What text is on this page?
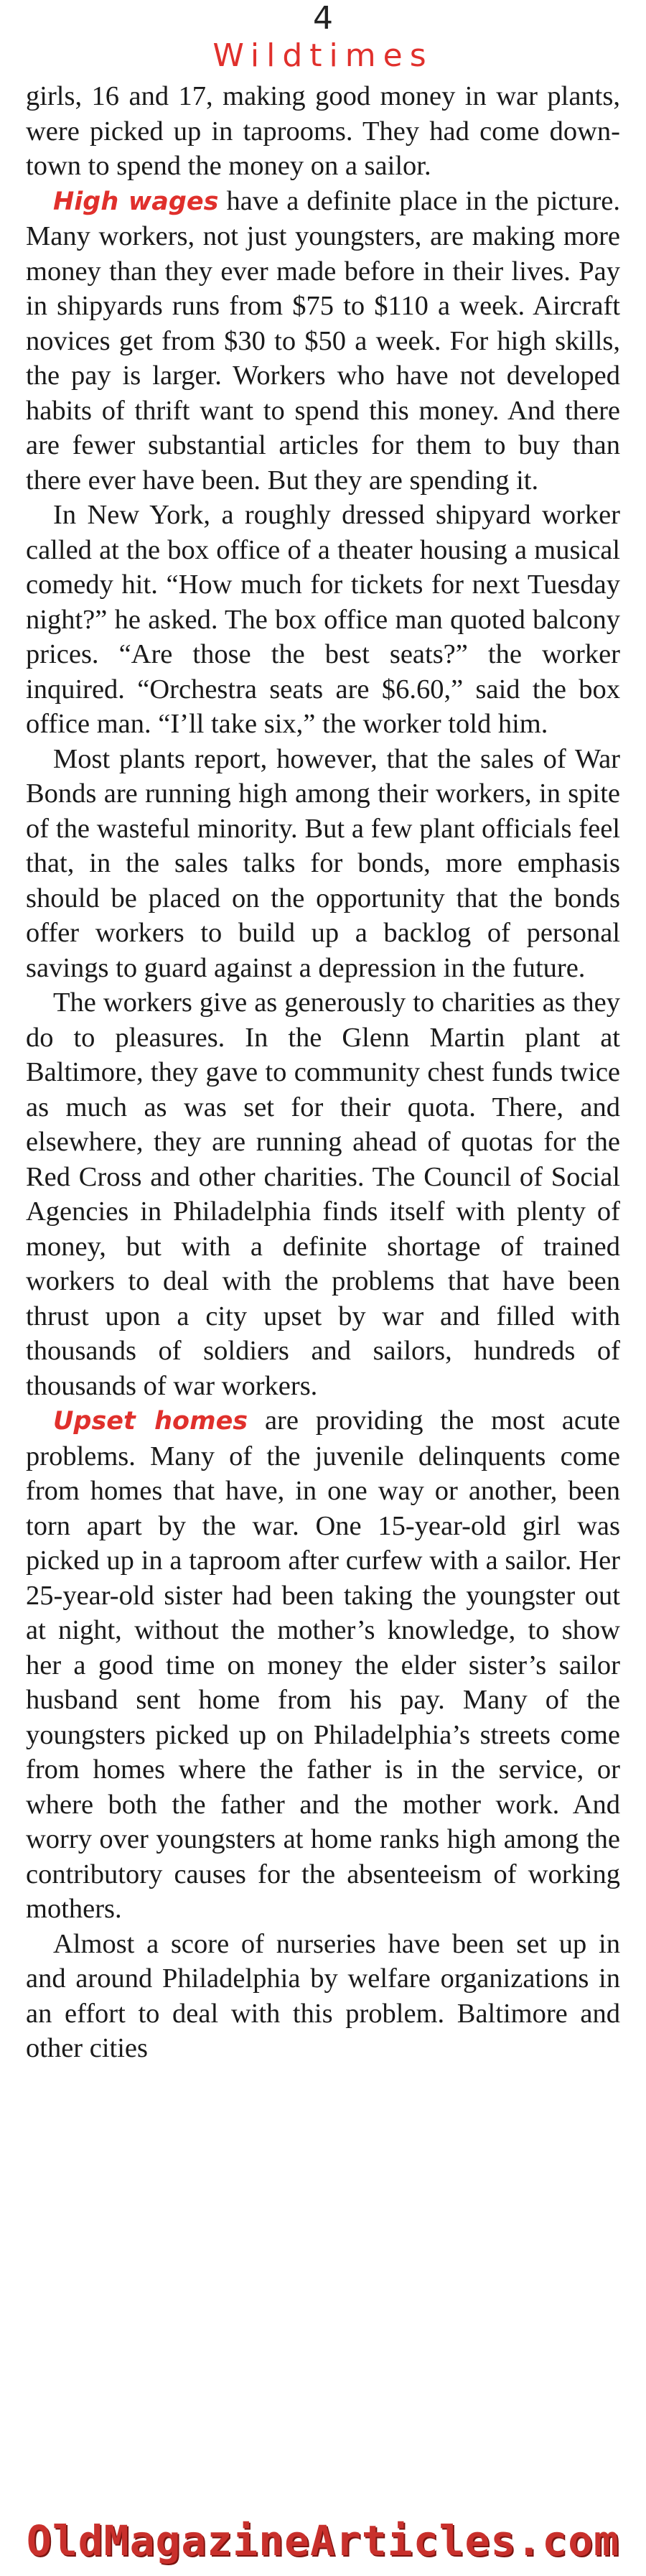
4
Wildtimes

girls, 16 and 17, making good money in war plants, were picked up in taprooms. They had come down-town to spend the money on a sailor.

High wages have a definite place in the picture. Many workers, not just youngsters, are making more money than they ever made before in their lives. Pay in shipyards runs from $75 to $110 a week. Aircraft novices get from $30 to $50 a week. For high skills, the pay is larger. Workers who have not developed habits of thrift want to spend this money. And there are fewer substantial articles for them to buy than there ever have been. But they are spending it.

In New York, a roughly dressed shipyard worker called at the box office of a theater housing a musical comedy hit. “How much for tickets for next Tuesday night?” he asked. The box office man quoted balcony prices. “Are those the best seats?” the worker inquired. “Orchestra seats are $6.60,” said the box office man. “I’ll take six,” the worker told him.

Most plants report, however, that the sales of War Bonds are running high among their workers, in spite of the wasteful minority. But a few plant officials feel that, in the sales talks for bonds, more emphasis should be placed on the opportunity that the bonds offer workers to build up a backlog of personal savings to guard against a depression in the future.

The workers give as generously to charities as they do to pleasures. In the Glenn Martin plant at Baltimore, they gave to community chest funds twice as much as was set for their quota. There, and elsewhere, they are running ahead of quotas for the Red Cross and other charities. The Council of Social Agencies in Philadelphia finds itself with plenty of money, but with a definite shortage of trained workers to deal with the problems that have been thrust upon a city upset by war and filled with thousands of soldiers and sailors, hundreds of thousands of war workers.

Upset homes are providing the most acute problems. Many of the juvenile delinquents come from homes that have, in one way or another, been torn apart by the war. One 15-year-old girl was picked up in a taproom after curfew with a sailor. Her 25-year-old sister had been taking the youngster out at night, without the mother’s knowledge, to show her a good time on money the elder sister’s sailor husband sent home from his pay. Many of the youngsters picked up on Philadelphia’s streets come from homes where the father is in the service, or where both the father and the mother work. And worry over youngsters at home ranks high among the contributory causes for the absenteeism of working mothers.

Almost a score of nurseries have been set up in and around Philadelphia by welfare organizations in an effort to deal with this problem. Baltimore and other cities

OldMagazineArticles.com
